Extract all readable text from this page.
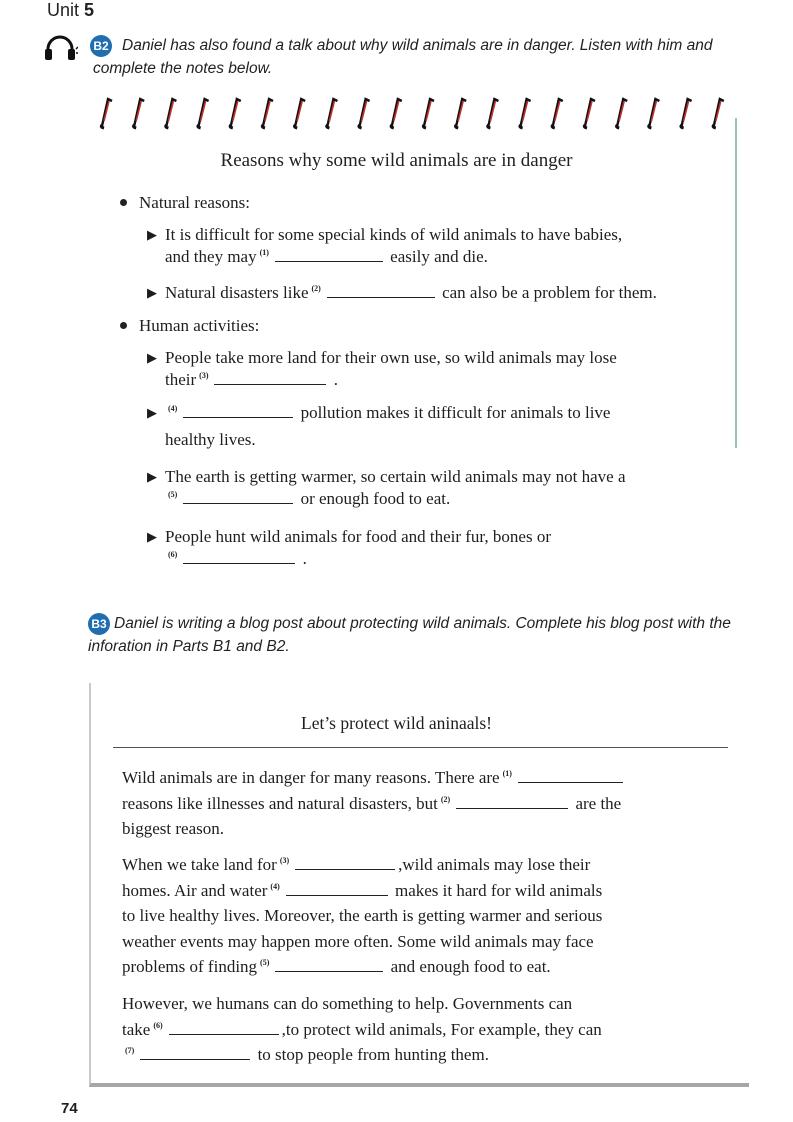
Unit 5
B2 Daniel has also found a talk about why wild animals are in danger. Listen with him and complete the notes below.
Reasons why some wild animals are in danger
Natural reasons:
▶ It is difficult for some special kinds of wild animals to have babies,
and they may $^{(1)}$	easily and die.
▶ Natural disasters like $^{(2)}$	can also be a problem for them.
Human activities:
▶ People take more land for their own use, so wild animals may lose
their $^{(3)}$	.
▶	$^{(4)}$	pollution makes it difficult for animals to live
healthy lives.
▶ The earth is getting warmer, so certain wild animals may not have a
$^{(5)}$	or enough food to eat.
▶ People hunt wild animals for food and their fur, bones or
$^{(6)}$	.
B3 Daniel is writing a blog post about protecting wild animals. Complete his blog post with the inforation in Parts B1 and B2.
Let’s protect wild aninaals!
Wild animals are in danger for many reasons. There are $^{(1)}$
reasons like illnesses and natural disasters, but $^{(2)}$	are the
biggest reason.
When we take land for $^{(3)}$	,wild animals may lose their
homes. Air and water $^{(4)}$	makes it hard for wild animals
to live healthy lives. Moreover, the earth is getting warmer and serious
weather events may happen more often. Some wild animals may face
problems of finding $^{(5)}$	and enough food to eat.
However, we humans can do something to help. Governments can
take $^{(6)}$	,to protect wild animals, For example, they can
$^{(7)}$	to stop people from hunting them.
74
